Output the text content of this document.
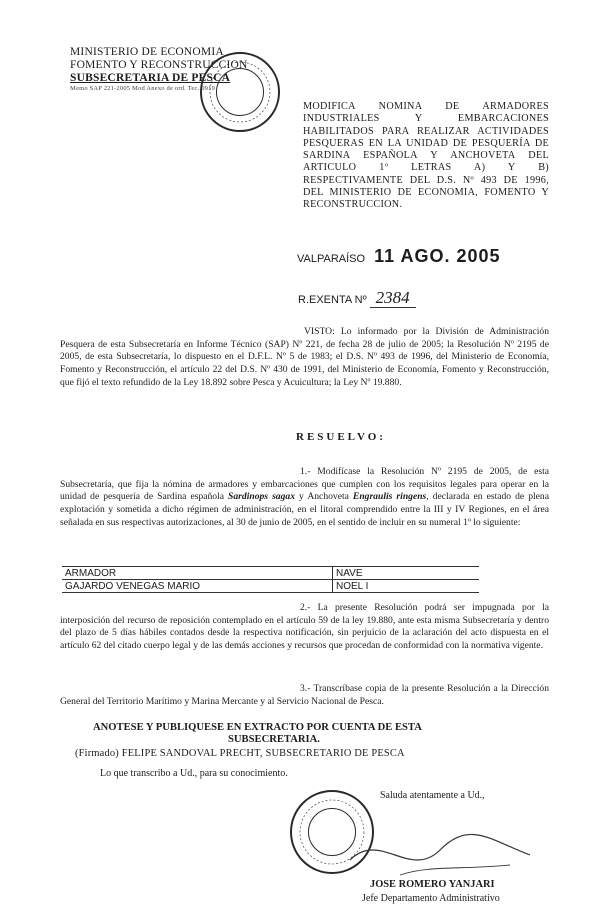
MINISTERIO DE ECONOMIA
FOMENTO Y RECONSTRUCCION
SUBSECRETARIA DE PESCA
Memo SAP 221-2005 Mod Anexo de ord. Tec. 0919
MODIFICA NOMINA DE ARMADORES INDUSTRIALES Y EMBARCACIONES HABILITADOS PARA REALIZAR ACTIVIDADES PESQUERAS EN LA UNIDAD DE PESQUERÍA DE SARDINA ESPAÑOLA Y ANCHOVETA DEL ARTICULO 1º LETRAS A) Y B) RESPECTIVAMENTE DEL D.S. Nº 493 DE 1996, DEL MINISTERIO DE ECONOMIA, FOMENTO Y RECONSTRUCCION.
VALPARAÍSO 11 AGO. 2005
R.EXENTA Nº 2384
VISTO: Lo informado por la División de Administración Pesquera de esta Subsecretaría en Informe Técnico (SAP) Nº 221, de fecha 28 de julio de 2005; la Resolución Nº 2195 de 2005, de esta Subsecretaría, lo dispuesto en el D.F.L. Nº 5 de 1983; el D.S. Nº 493 de 1996, del Ministerio de Economía, Fomento y Reconstrucción, el artículo 22 del D.S. Nº 430 de 1991, del Ministerio de Economía, Fomento y Reconstrucción, que fijó el texto refundido de la Ley 18.892 sobre Pesca y Acuicultura; la Ley Nº 19.880.
RESUELVO:
1.- Modifícase la Resolución Nº 2195 de 2005, de esta Subsecretaría, que fija la nómina de armadores y embarcaciones que cumplen con los requisitos legales para operar en la unidad de pesquería de Sardina española Sardinops sagax y Anchoveta Engraulis ringens, declarada en estado de plena explotación y sometida a dicho régimen de administración, en el litoral comprendido entre la III y IV Regiones, en el área señalada en sus respectivas autorizaciones, al 30 de junio de 2005, en el sentido de incluir en su numeral 1º lo siguiente:
ARMADOR		NAVE
GAJARDO VENEGAS MARIO		NOEL I
2.- La presente Resolución podrá ser impugnada por la interposición del recurso de reposición contemplado en el artículo 59 de la ley 19.880, ante esta misma Subsecretaría y dentro del plazo de 5 días hábiles contados desde la respectiva notificación, sin perjuicio de la aclaración del acto dispuesta en el artículo 62 del citado cuerpo legal y de las demás acciones y recursos que procedan de conformidad con la normativa vigente.
3.- Transcríbase copia de la presente Resolución a la Dirección General del Territorio Marítimo y Marina Mercante y al Servicio Nacional de Pesca.
ANOTESE Y PUBLIQUESE EN EXTRACTO POR CUENTA DE ESTA
SUBSECRETARIA.
(Firmado) FELIPE SANDOVAL PRECHT, SUBSECRETARIO DE PESCA
Lo que transcribo a Ud., para su conocimiento.
Saluda atentamente a Ud.,
JOSE ROMERO YANJARI
Jefe Departamento Administrativo
